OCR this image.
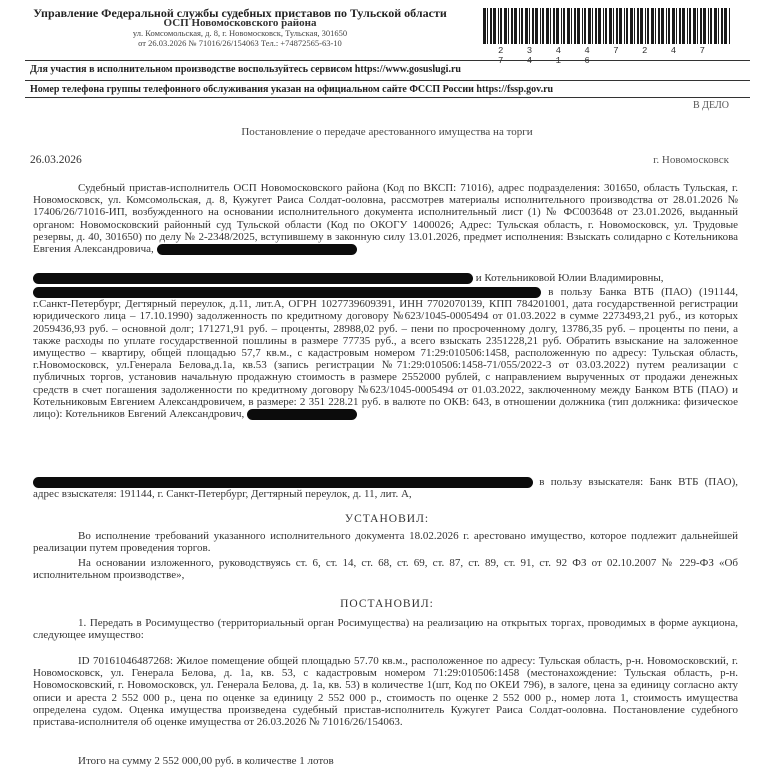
Управление Федеральной службы судебных приставов по Тульской области
ОСП Новомосковского района
ул. Комсомольская, д. 8, г. Новомосковск, Тульская, 301650
от 26.03.2026 № 71016/26/154063 Тел.: +74872565-63-10
2 3 4 4 7 2 4 7 7 4 1 6
Для участия в исполнительном производстве воспользуйтесь сервисом https://www.gosuslugi.ru
Номер телефона группы телефонного обслуживания указан на официальном сайте ФССП России https://fssp.gov.ru
В ДЕЛО
Постановление о передаче арестованного имущества на торги
26.03.2026	г. Новомосковск
Судебный пристав-исполнитель ОСП Новомосковского района (Код по ВКСП: 71016), адрес подразделения: 301650, область Тульская, г. Новомосковск, ул. Комсомольская, д. 8, Кужугет Раиса Солдат-ооловна, рассмотрев материалы исполнительного производства от 28.01.2026 № 17406/26/71016-ИП, возбужденного на основании исполнительного документа исполнительный лист (1) № ФС003648 от 23.01.2026, выданный органом: Новомосковский районный суд Тульской области (Код по ОКОГУ 1400026; Адрес: Тульская область, г. Новомосковск, ул. Трудовые резервы, д. 40, 301650) по делу № 2-2348/2025, вступившему в законную силу 13.01.2026, предмет исполнения: Взыскать солидарно с Котельникова Евгения Александровича,
и Котельниковой Юлии Владимировны,
в пользу Банка ВТБ (ПАО) (191144, г.Санкт-Петербург, Дегтярный переулок, д.11, лит.А, ОГРН 1027739609391, ИНН 7702070139, КПП 784201001, дата государственной регистрации юридического лица – 17.10.1990) задолженность по кредитному договору №623/1045-0005494 от 01.03.2022 в сумме 2273493,21 руб., из которых 2059436,93 руб. – основной долг; 171271,91 руб. – проценты, 28988,02 руб. – пени по просроченному долгу, 13786,35 руб. – проценты по пени, а также расходы по уплате государственной пошлины в размере 77735 руб., а всего взыскать 2351228,21 руб. Обратить взыскание на заложенное имущество – квартиру, общей площадью 57,7 кв.м., с кадастровым номером 71:29:010506:1458, расположенную по адресу: Тульская область, г.Новомосковск, ул.Генерала Белова,д.1а, кв.53 (запись регистрации №71:29:010506:1458-71/055/2022-3 от 03.03.2022) путем реализации с публичных торгов, установив начальную продажную стоимость в размере 2552000 рублей, с направлением вырученных от продажи денежных средств в счет погашения задолженности по кредитному договору №623/1045-0005494 от 01.03.2022, заключенному между Банком ВТБ (ПАО) и Котельниковым Евгением Александровичем, в размере: 2 351 228.21 руб. в валюте по ОКВ: 643, в отношении должника (тип должника: физическое лицо): Котельников Евгений Александрович,
в пользу взыскателя: Банк ВТБ (ПАО), адрес взыскателя: 191144, г. Санкт-Петербург, Дегтярный переулок, д. 11, лит. А,
УСТАНОВИЛ:
Во исполнение требований указанного исполнительного документа 18.02.2026 г. арестовано имущество, которое подлежит дальнейшей реализации путем проведения торгов.
На основании изложенного, руководствуясь ст. 6, ст. 14, ст. 68, ст. 69, ст. 87, ст. 89, ст. 91, ст. 92 ФЗ от 02.10.2007 № 229-ФЗ «Об исполнительном производстве»,
ПОСТАНОВИЛ:
1. Передать в Росимущество (территориальный орган Росимущества) на реализацию на открытых торгах, проводимых в форме аукциона, следующее имущество:
ID 70161046487268: Жилое помещение общей площадью 57.70 кв.м., расположенное по адресу: Тульская область, р-н. Новомосковский, г. Новомосковск, ул. Генерала Белова, д. 1а, кв. 53, с кадастровым номером 71:29:010506:1458 (местонахождение: Тульская область, р-н. Новомосковский, г. Новомосковск, ул. Генерала Белова, д. 1а, кв. 53) в количестве 1(шт, Код по ОКЕИ 796), в залоге, цена за единицу согласно акту описи и ареста 2 552 000 р., цена по оценке за единицу 2 552 000 р., стоимость по оценке 2 552 000 р., номер лота 1, стоимость имущества определена судом. Оценка имущества произведена судебный пристав-исполнитель Кужугет Раиса Солдат-ооловна. Постановление судебного пристава-исполнителя об оценке имущества от 26.03.2026 № 71016/26/154063.
Итого на сумму 2 552 000,00 руб. в количестве 1 лотов
